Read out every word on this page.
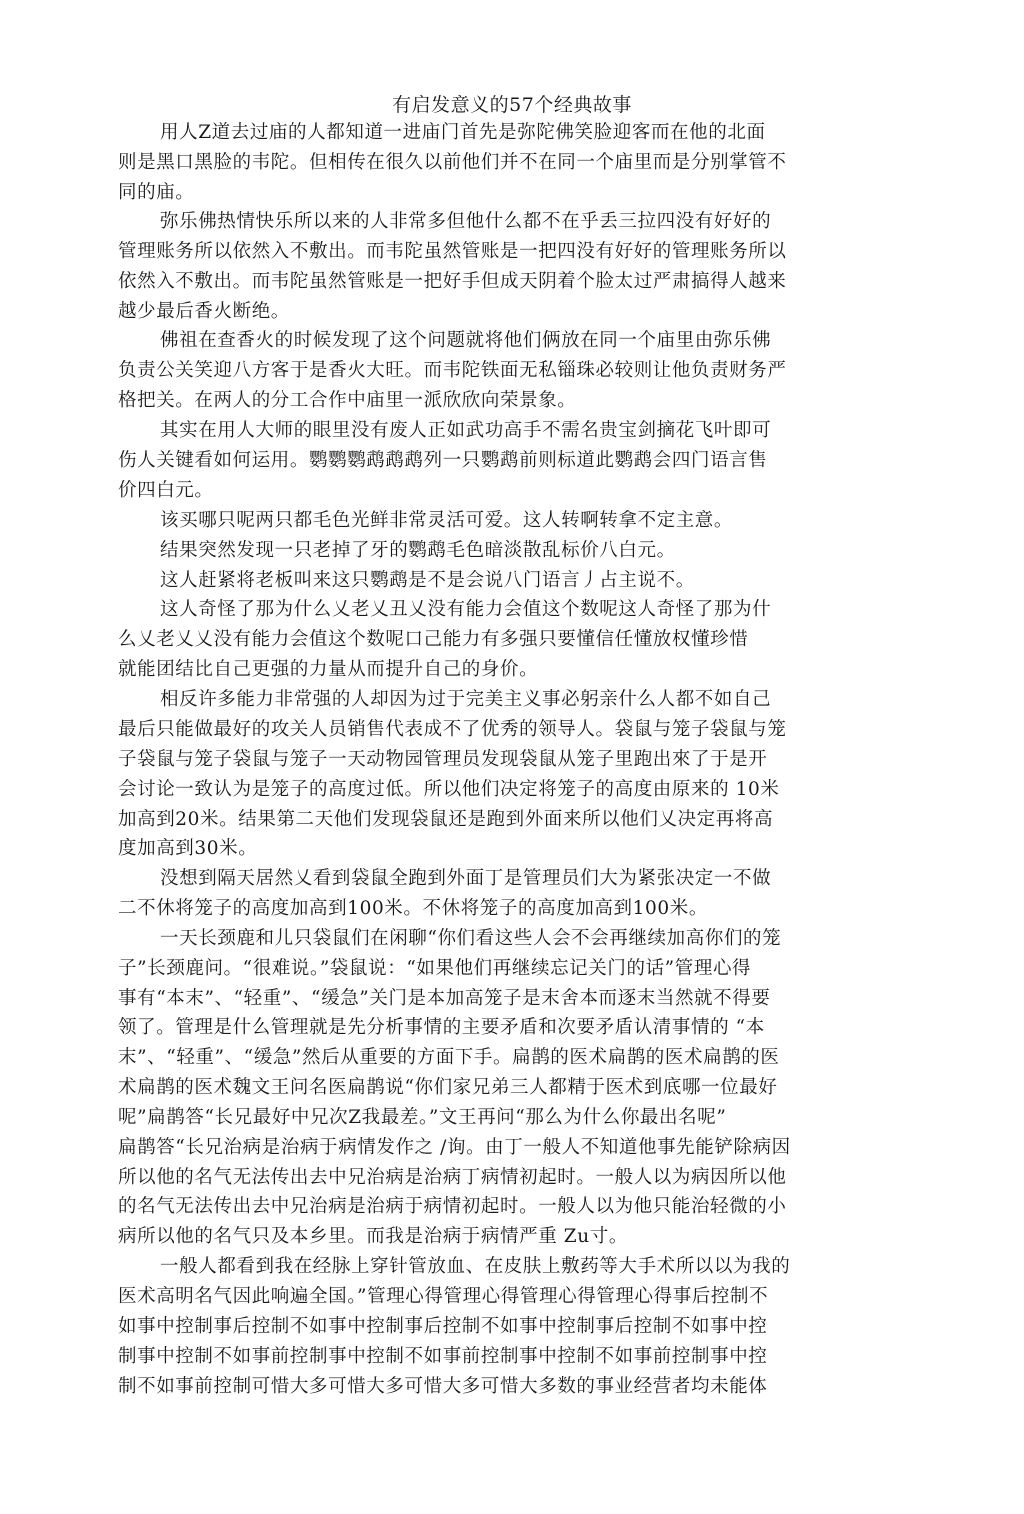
有启发意义的57个经典故事
用人Z道去过庙的人都知道一进庙门首先是弥陀佛笑脸迎客而在他的北面
则是黑口黑脸的韦陀。但相传在很久以前他们并不在同一个庙里而是分别掌管不
同的庙。
弥乐佛热情快乐所以来的人非常多但他什么都不在乎丢三拉四没有好好的
管理账务所以依然入不敷出。而韦陀虽然管账是一把四没有好好的管理账务所以
依然入不敷出。而韦陀虽然管账是一把好手但成天阴着个脸太过严肃搞得人越来
越少最后香火断绝。
佛祖在查香火的时候发现了这个问题就将他们俩放在同一个庙里由弥乐佛
负责公关笑迎八方客于是香火大旺。而韦陀铁面无私锱珠必较则让他负责财务严
格把关。在两人的分工合作中庙里一派欣欣向荣景象。
其实在用人大师的眼里没有废人正如武功高手不需名贵宝剑摘花飞叶即可
伤人关键看如何运用。鹦鹦鹦鹉鹉鹉列一只鹦鹉前则标道此鹦鹉会四门语言售
价四白元。
该买哪只呢两只都毛色光鲜非常灵活可爱。这人转啊转拿不定主意。
结果突然发现一只老掉了牙的鹦鹉毛色暗淡散乱标价八白元。
这人赶紧将老板叫来这只鹦鹉是不是会说八门语言丿占主说不。
这人奇怪了那为什么乂老乂丑乂没有能力会值这个数呢这人奇怪了那为什
么乂老乂乂没有能力会值这个数呢口己能力有多强只要懂信任懂放权懂珍惜
就能团结比自己更强的力量从而提升自己的身价。
相反许多能力非常强的人却因为过于完美主义事必躬亲什么人都不如自己
最后只能做最好的攻关人员销售代表成不了优秀的领导人。袋鼠与笼子袋鼠与笼
子袋鼠与笼子袋鼠与笼子一天动物园管理员发现袋鼠从笼子里跑出來了于是开
会讨论一致认为是笼子的高度过低。所以他们决定将笼子的高度由原来的 10米
加高到20米。结果第二天他们发现袋鼠还是跑到外面来所以他们乂决定再将高
度加高到30米。
没想到隔天居然乂看到袋鼠全跑到外面丁是管理员们大为紧张决定一不做
二不休将笼子的高度加高到100米。不休将笼子的高度加高到100米。
一天长颈鹿和儿只袋鼠们在闲聊“你们看这些人会不会再继续加高你们的笼
子”长颈鹿问。“很难说。”袋鼠说：“如果他们再继续忘记关门的话”管理心得
事有“本末”、“轻重”、“缓急”关门是本加高笼子是末舍本而逐末当然就不得要
领了。管理是什么管理就是先分析事情的主要矛盾和次要矛盾认清事情的 “本
末”、“轻重”、“缓急”然后从重要的方面下手。扁鹊的医术扁鹊的医术扁鹊的医
术扁鹊的医术魏文王问名医扁鹊说“你们家兄弟三人都精于医术到底哪一位最好
呢”扁鹊答“长兄最好中兄次Z我最差。”文王再问“那么为什么你最出名呢”
扁鹊答“长兄治病是治病于病情发作之 /询。由丁一般人不知道他事先能铲除病因
所以他的名气无法传出去中兄治病是治病丁病情初起时。一般人以为病因所以他
的名气无法传出去中兄治病是治病于病情初起时。一般人以为他只能治轻微的小
病所以他的名气只及本乡里。而我是治病于病情严重 Zu寸。
一般人都看到我在经脉上穿针管放血、在皮肤上敷药等大手术所以以为我的
医术高明名气因此响遍全国。”管理心得管理心得管理心得管理心得事后控制不
如事中控制事后控制不如事中控制事后控制不如事中控制事后控制不如事中控
制事中控制不如事前控制事中控制不如事前控制事中控制不如事前控制事中控
制不如事前控制可惜大多可惜大多可惜大多可惜大多数的事业经营者均未能体
